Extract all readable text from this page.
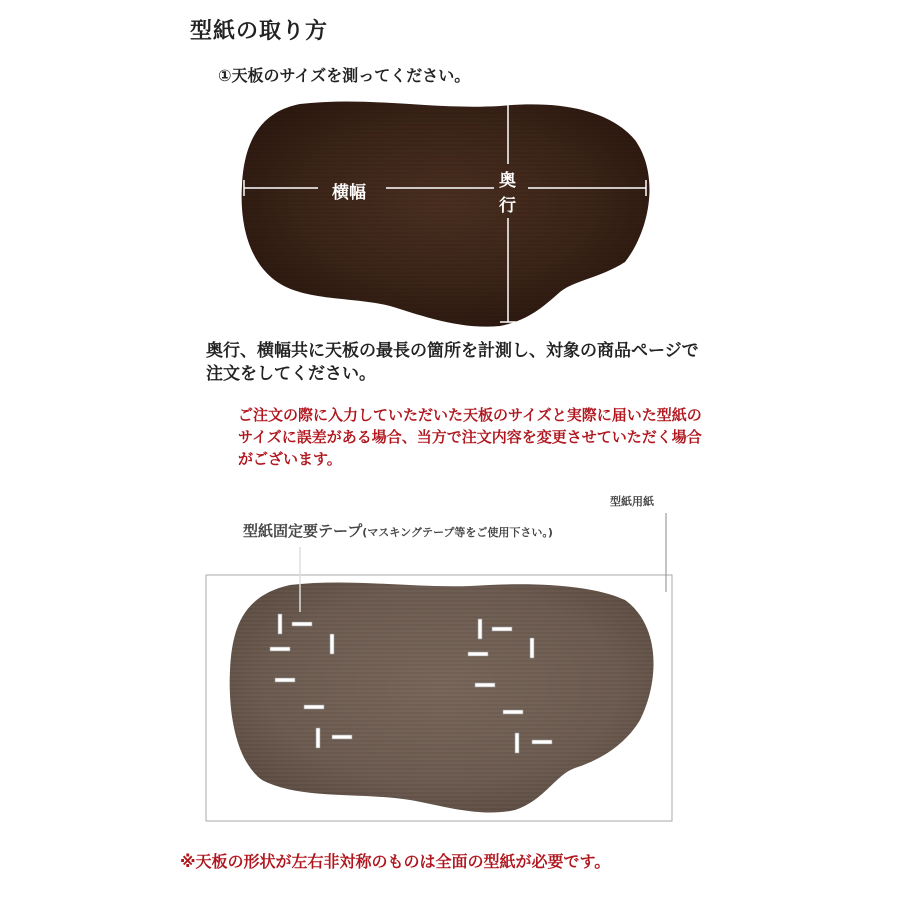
型紙の取り方
①天板のサイズを測ってください。
横幅
奥
行
奥行、横幅共に天板の最長の箇所を計測し、対象の商品ページで注文をしてください。
ご注文の際に入力していただいた天板のサイズと実際に届いた型紙のサイズに誤差がある場合、当方で注文内容を変更させていただく場合がございます。
型紙用紙
型紙固定要テープ(マスキングテープ等をご使用下さい。)
※天板の形状が左右非対称のものは全面の型紙が必要です。
